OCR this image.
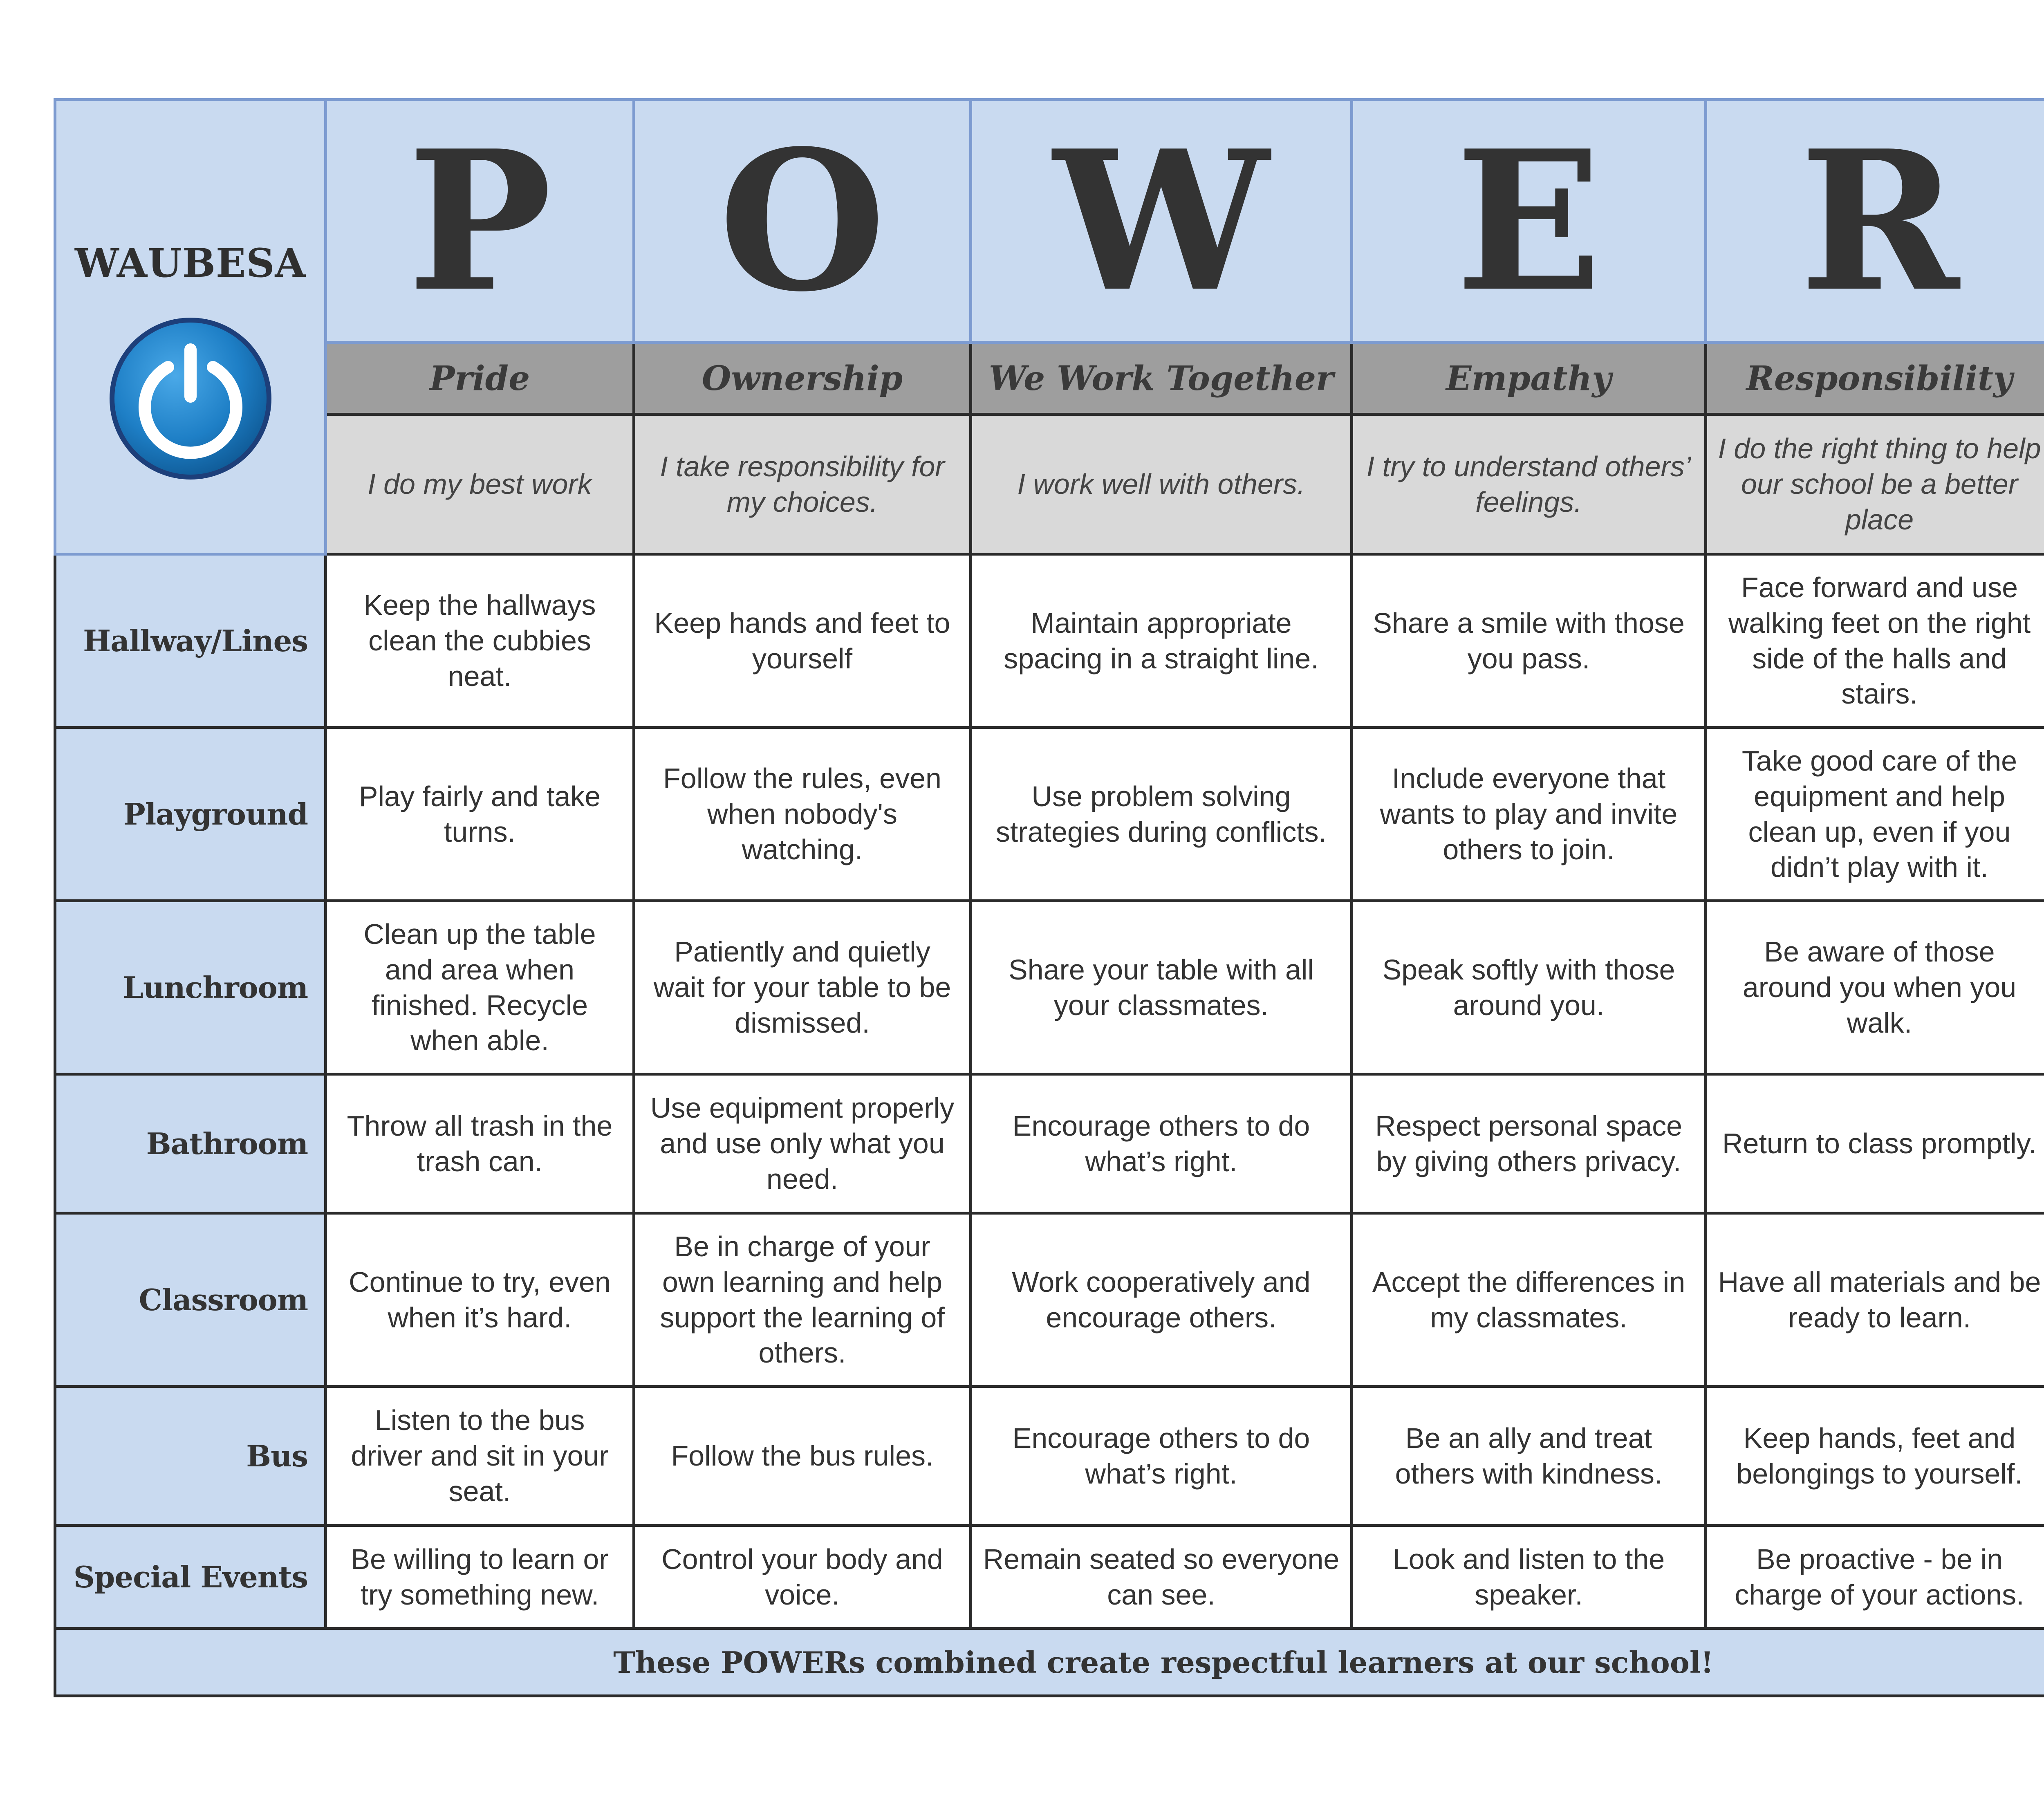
WAUBESA	P	O	W	E	R	
	Pride	Ownership	We Work Together	Empathy	Responsibility	
	I do my best work	I take responsibility for my choices.	I work well with others.	I try to understand others’ feelings.	I do the right thing to help our school be a better place	
Hallway/Lines	Keep the hallways clean the cubbies neat.	Keep hands and feet to yourself	Maintain appropriate spacing in a straight line.	Share a smile with those you pass.	Face forward and use walking feet on the right side of the halls and stairs.	
Playground	Play fairly and take turns.	Follow the rules, even when nobody's watching.	Use problem solving strategies during conflicts.	Include everyone that wants to play and invite others to join.	Take good care of the equipment and help clean up, even if you didn’t play with it.	
Lunchroom	Clean up the table and area when finished. Recycle when able.	Patiently and quietly wait for your table to be dismissed.	Share your table with all your classmates.	Speak softly with those around you.	Be aware of those around you when you walk.	
Bathroom	Throw all trash in the trash can.	Use equipment properly and use only what you need.	Encourage others to do what’s right.	Respect personal space by giving others privacy.	Return to class promptly.	
Classroom	Continue to try, even when it’s hard.	Be in charge of your own learning and help support the learning of others.	Work cooperatively and encourage others.	Accept the differences in my classmates.	Have all materials and be ready to learn.	
Bus	Listen to the bus driver and sit in your seat.	Follow the bus rules.	Encourage others to do what’s right.	Be an ally and treat others with kindness.	Keep hands, feet and belongings to yourself.	
Special Events	Be willing to learn or try something new.	Control your body and voice.	Remain seated so everyone can see.	Look and listen to the speaker.	Be proactive - be in charge of your actions.	
These POWERs combined create respectful learners at our school!						
